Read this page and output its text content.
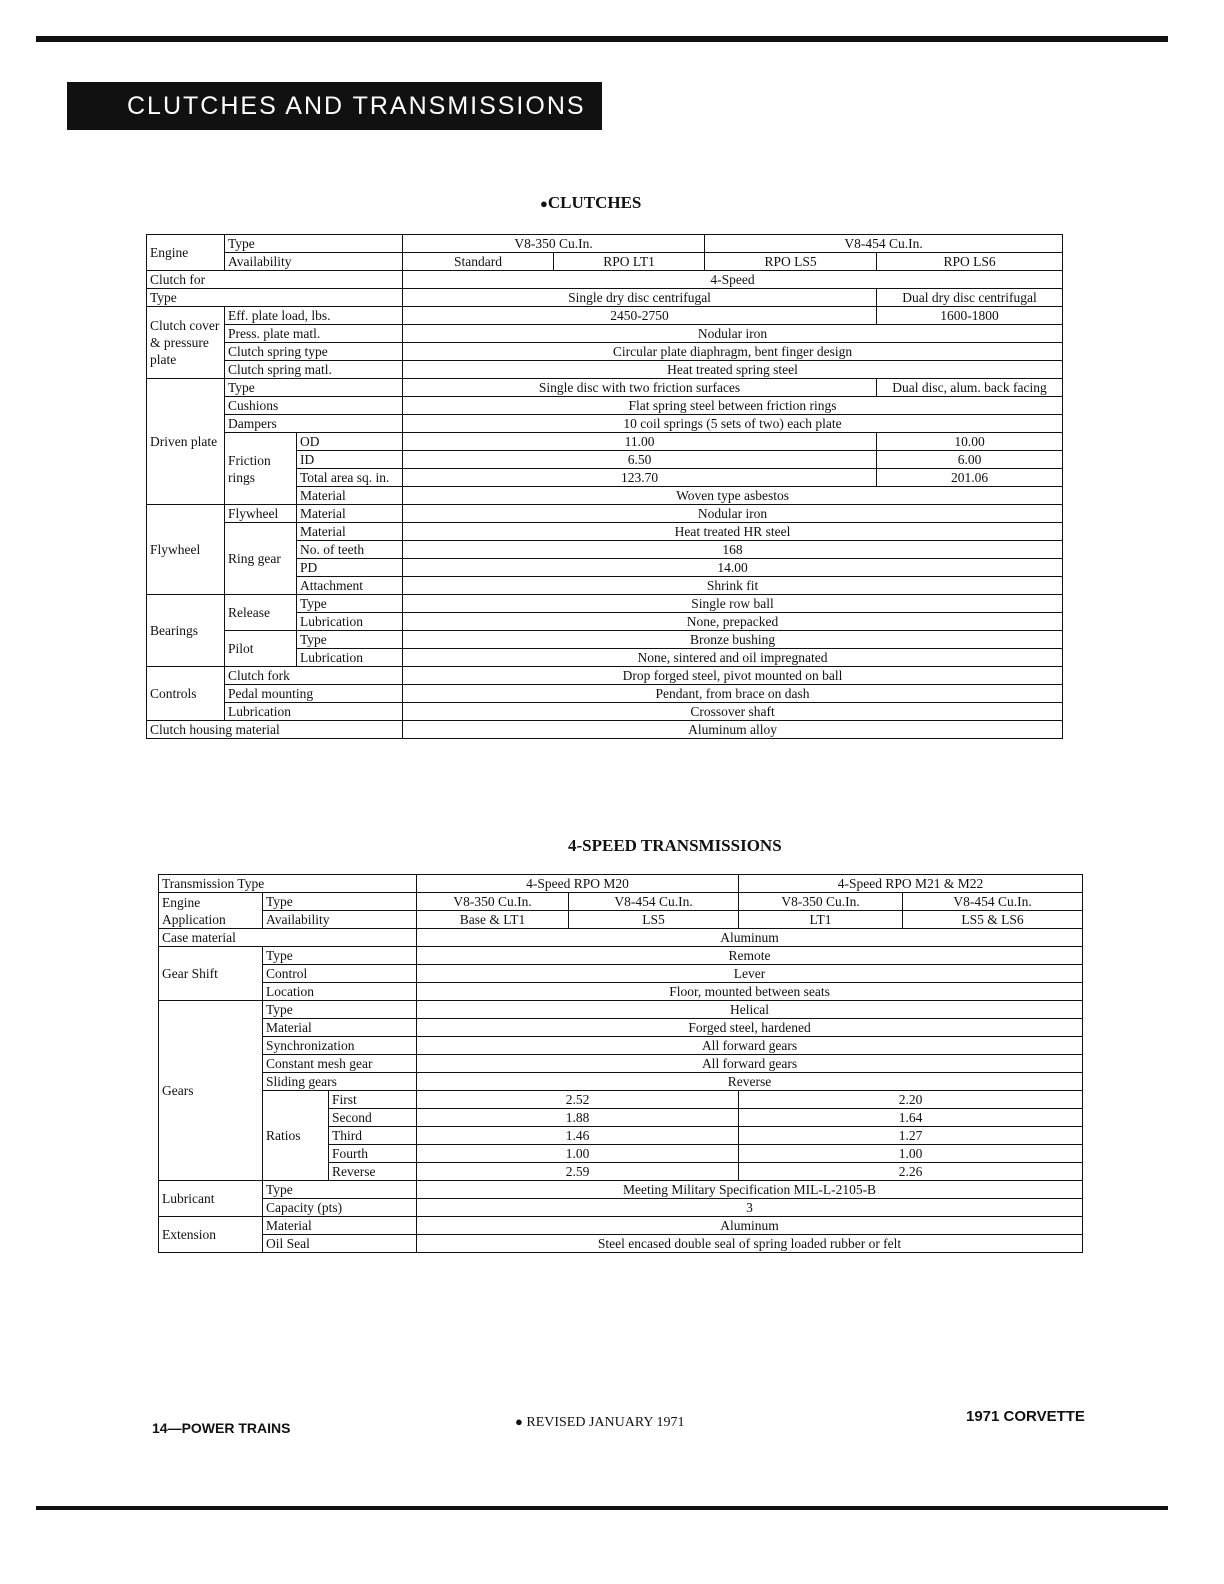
CLUTCHES AND TRANSMISSIONS
●CLUTCHES
Engine	Type		V8-350 Cu.In.		V8-454 Cu.In.	
	Availability		Standard	RPO LT1	RPO LS5	RPO LS6
Clutch for			4-Speed			
Type			Single dry disc centrifugal			Dual dry disc centrifugal
Clutch cover & pressure plate	Eff. plate load, lbs.		2450-2750			1600-1800
	Press. plate matl.		Nodular iron			
	Clutch spring type		Circular plate diaphragm, bent finger design			
	Clutch spring matl.		Heat treated spring steel			
Driven plate	Type		Single disc with two friction surfaces			Dual disc, alum. back facing
	Cushions		Flat spring steel between friction rings			
	Dampers		10 coil springs (5 sets of two) each plate			
	Friction rings	OD	11.00			10.00
		ID	6.50			6.00
		Total area sq. in.	123.70			201.06

		Material	Woven type asbestos			
Flywheel	Flywheel	Material	Nodular iron			
	Ring gear	Material	Heat treated HR steel			
		No. of teeth	168			
		PD	14.00			
		Attachment	Shrink fit			
Bearings	Release	Type	Single row ball			
		Lubrication	None, prepacked			
	Pilot	Type	Bronze bushing			
		Lubrication	None, sintered and oil impregnated			
Controls	Clutch fork		Drop forged steel, pivot mounted on ball			
	Pedal mounting		Pendant, from brace on dash			
	Lubrication		Crossover shaft			
Clutch housing material			Aluminum alloy			
4-SPEED TRANSMISSIONS
Transmission Type			4-Speed RPO M20		4-Speed RPO M21 & M22	
Engine Application	Type		V8-350 Cu.In.	V8-454 Cu.In.	V8-350 Cu.In.	V8-454 Cu.In.
	Availability		Base & LT1	LS5	LT1	LS5 & LS6
Case material			Aluminum			
Gear Shift	Type		Remote			
	Control		Lever			
	Location		Floor, mounted between seats			
Gears	Type		Helical			
	Material		Forged steel, hardened			
	Synchronization		All forward gears			
	Constant mesh gear		All forward gears			
	Sliding gears		Reverse			
	Ratios	First	2.52		2.20	
		Second	1.88		1.64	
		Third	1.46		1.27	
		Fourth	1.00		1.00	
		Reverse	2.59		2.26	
Lubricant	Type		Meeting Military Specification MIL-L-2105-B			
	Capacity (pts)		3			
Extension	Material		Aluminum			
	Oil Seal		Steel encased double seal of spring loaded rubber or felt			
14—POWER TRAINS	● REVISED JANUARY 1971	1971 CORVETTE
